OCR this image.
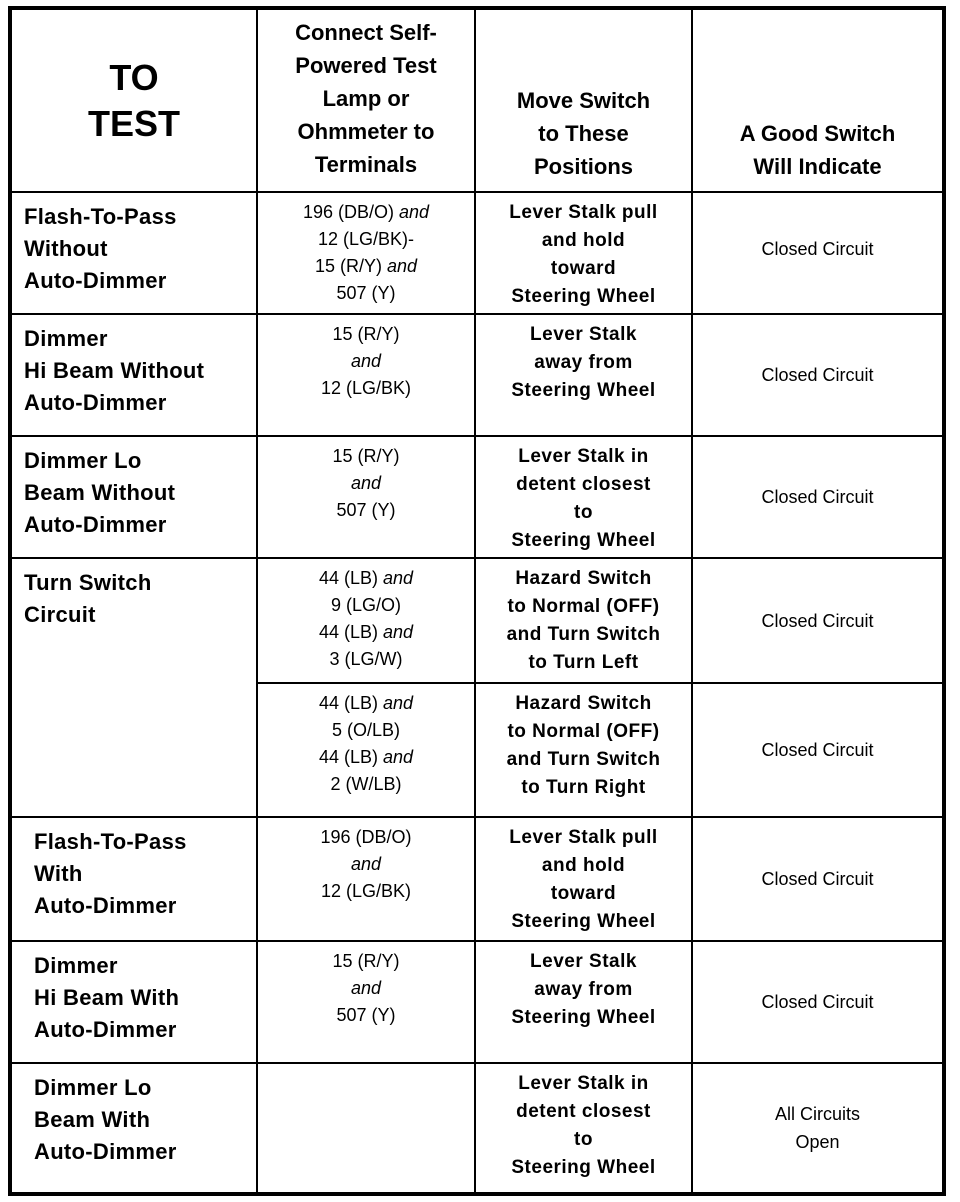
TO
TEST	Connect Self-
Powered Test
Lamp or
Ohmmeter to
Terminals	Move Switch
to These
Positions	A Good Switch
Will Indicate

Flash-To-Pass
Without
Auto-Dimmer	196 (DB/O) and
12 (LG/BK)-
15 (R/Y) and
507 (Y)	Lever Stalk pull
and hold
toward
Steering Wheel	Closed Circuit

Dimmer
Hi Beam Without
Auto-Dimmer	15 (R/Y)
and
12 (LG/BK)	Lever Stalk
away from
Steering Wheel	Closed Circuit

Dimmer Lo
Beam Without
Auto-Dimmer	15 (R/Y)
and
507 (Y)	Lever Stalk in
detent closest
to
Steering Wheel	Closed Circuit

Turn Switch
Circuit	44 (LB) and
9 (LG/O)
44 (LB) and
3 (LG/W)	Hazard Switch
to Normal (OFF)
and Turn Switch
to Turn Left	Closed Circuit

	44 (LB) and
5 (O/LB)
44 (LB) and
2 (W/LB)	Hazard Switch
to Normal (OFF)
and Turn Switch
to Turn Right	Closed Circuit

Flash-To-Pass
With
Auto-Dimmer	196 (DB/O)
and
12 (LG/BK)	Lever Stalk pull
and hold
toward
Steering Wheel	Closed Circuit

Dimmer
Hi Beam With
Auto-Dimmer	15 (R/Y)
and
507 (Y)	Lever Stalk
away from
Steering Wheel	Closed Circuit

Dimmer Lo
Beam With
Auto-Dimmer		Lever Stalk in
detent closest
to
Steering Wheel	All Circuits
Open
